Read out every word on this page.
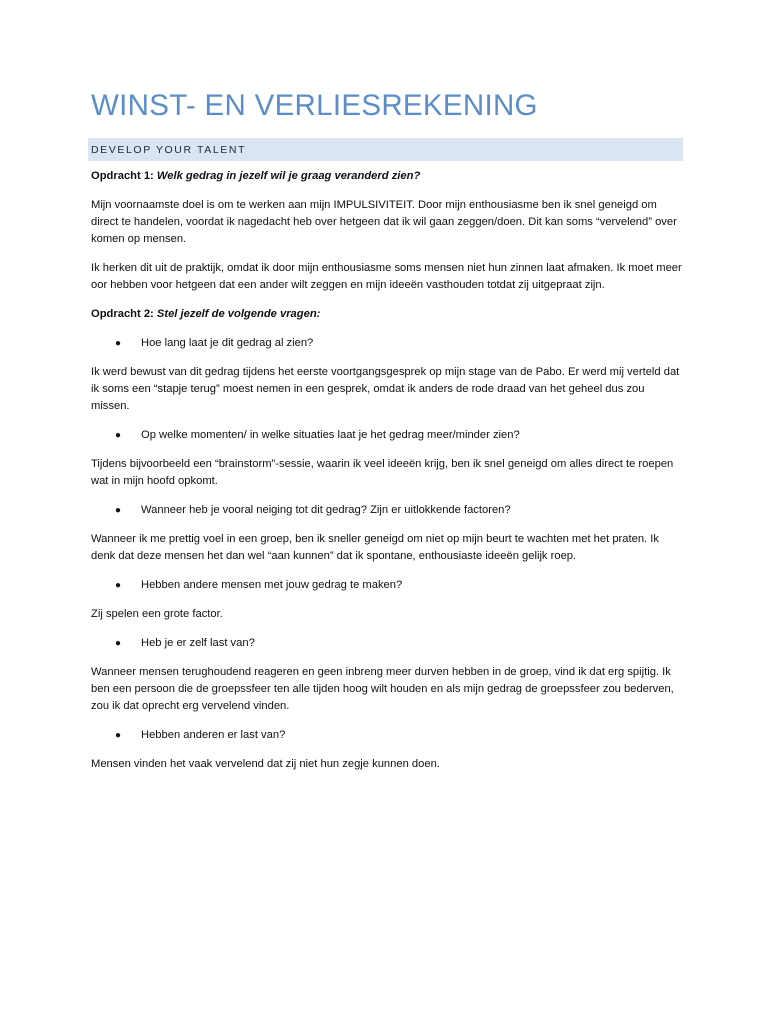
WINST- EN VERLIESREKENING
DEVELOP YOUR TALENT

Opdracht 1: Welk gedrag in jezelf wil je graag veranderd zien?

Mijn voornaamste doel is om te werken aan mijn IMPULSIVITEIT. Door mijn enthousiasme ben ik snel geneigd om direct te handelen, voordat ik nagedacht heb over hetgeen dat ik wil gaan zeggen/doen. Dit kan soms “vervelend” over komen op mensen.

Ik herken dit uit de praktijk, omdat ik door mijn enthousiasme soms mensen niet hun zinnen laat afmaken. Ik moet meer oor hebben voor hetgeen dat een ander wilt zeggen en mijn ideeën vasthouden totdat zij uitgepraat zijn.

Opdracht 2: Stel jezelf de volgende vragen:

●	Hoe lang laat je dit gedrag al zien?

Ik werd bewust van dit gedrag tijdens het eerste voortgangsgesprek op mijn stage van de Pabo. Er werd mij verteld dat ik soms een “stapje terug” moest nemen in een gesprek, omdat ik anders de rode draad van het geheel dus zou missen.

●	Op welke momenten/ in welke situaties laat je het gedrag meer/minder zien?

Tijdens bijvoorbeeld een “brainstorm”-sessie, waarin ik veel ideeën krijg, ben ik snel geneigd om alles direct te roepen wat in mijn hoofd opkomt.

●	Wanneer heb je vooral neiging tot dit gedrag? Zijn er uitlokkende factoren?

Wanneer ik me prettig voel in een groep, ben ik sneller geneigd om niet op mijn beurt te wachten met het praten. Ik denk dat deze mensen het dan wel “aan kunnen” dat ik spontane, enthousiaste ideeën gelijk roep.

●	Hebben andere mensen met jouw gedrag te maken?

Zij spelen een grote factor.

●	Heb je er zelf last van?

Wanneer mensen terughoudend reageren en geen inbreng meer durven hebben in de groep, vind ik dat erg spijtig. Ik ben een persoon die de groepssfeer ten alle tijden hoog wilt houden en als mijn gedrag de groepssfeer zou bederven, zou ik dat oprecht erg vervelend vinden.

●	Hebben anderen er last van?

Mensen vinden het vaak vervelend dat zij niet hun zegje kunnen doen.
